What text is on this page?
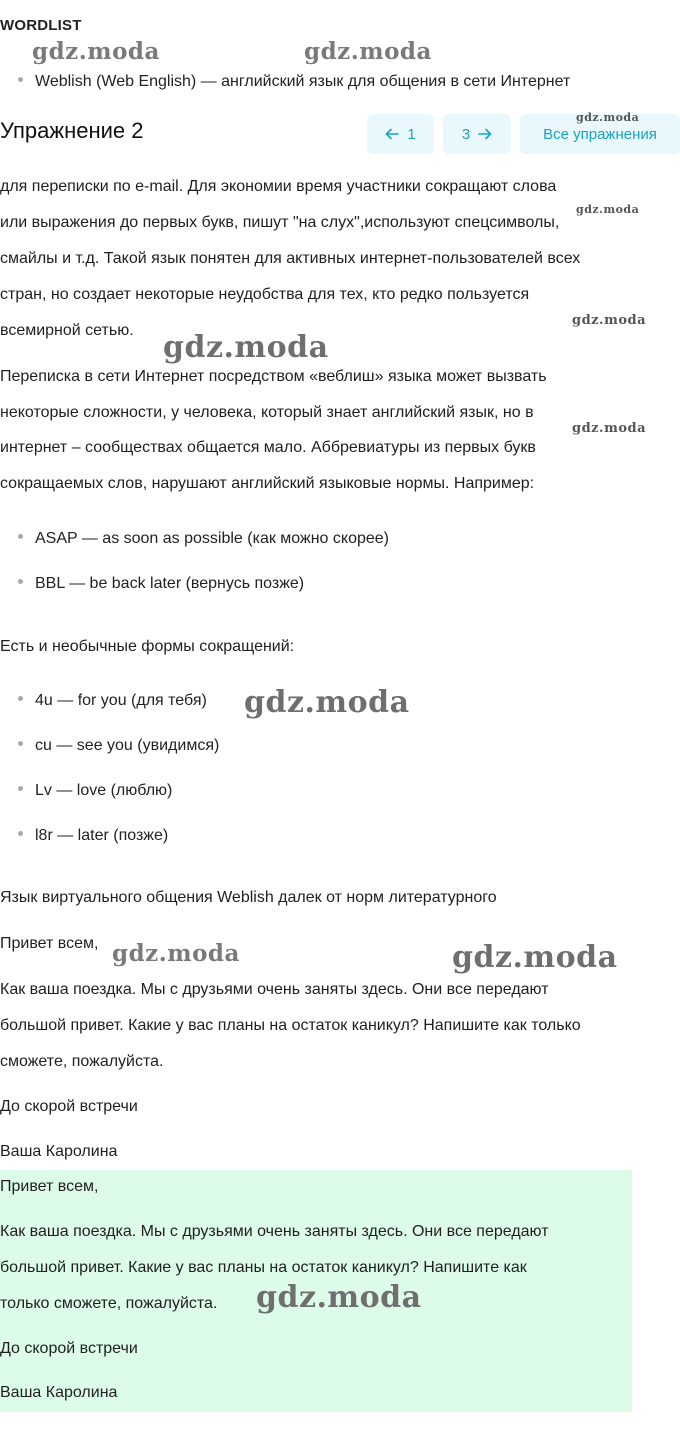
WORDLIST
Weblish (Web English) — английский язык для общения в сети Интернет
Упражнение 2	1	3	Все упражнения
для переписки по e-mail. Для экономии время участники сокращают слова
или выражения до первых букв, пишут "на слух",используют спецсимволы,
смайлы и т.д. Такой язык понятен для активных интернет-пользователей всех
стран, но создает некоторые неудобства для тех, кто редко пользуется
всемирной сетью.
Переписка в сети Интернет посредством «веблиш» языка может вызвать
некоторые сложности, у человека, который знает английский язык, но в
интернет – сообществах общается мало. Аббревиатуры из первых букв
сокращаемых слов, нарушают английский языковые нормы. Например:
ASAP — as soon as possible (как можно скорее)
BBL — be back later (вернусь позже)
Есть и необычные формы сокращений:
4u — for you (для тебя)
cu — see you (увидимся)
Lv — love (люблю)
l8r — later (позже)
Язык виртуального общения Weblish далек от норм литературного
Привет всем,
Как ваша поездка. Мы с друзьями очень заняты здесь. Они все передают
большой привет. Какие у вас планы на остаток каникул? Напишите как только
сможете, пожалуйста.
До скорой встречи
Ваша Каролина
Привет всем,
Как ваша поездка. Мы с друзьями очень заняты здесь. Они все передают
большой привет. Какие у вас планы на остаток каникул? Напишите как
только сможете, пожалуйста.
До скорой встречи
Ваша Каролина
gdz.moda	gdz.moda
gdz.moda
gdz.moda
gdz.moda
gdz.moda
gdz.moda
gdz.moda
gdz.moda	gdz.moda
gdz.moda
